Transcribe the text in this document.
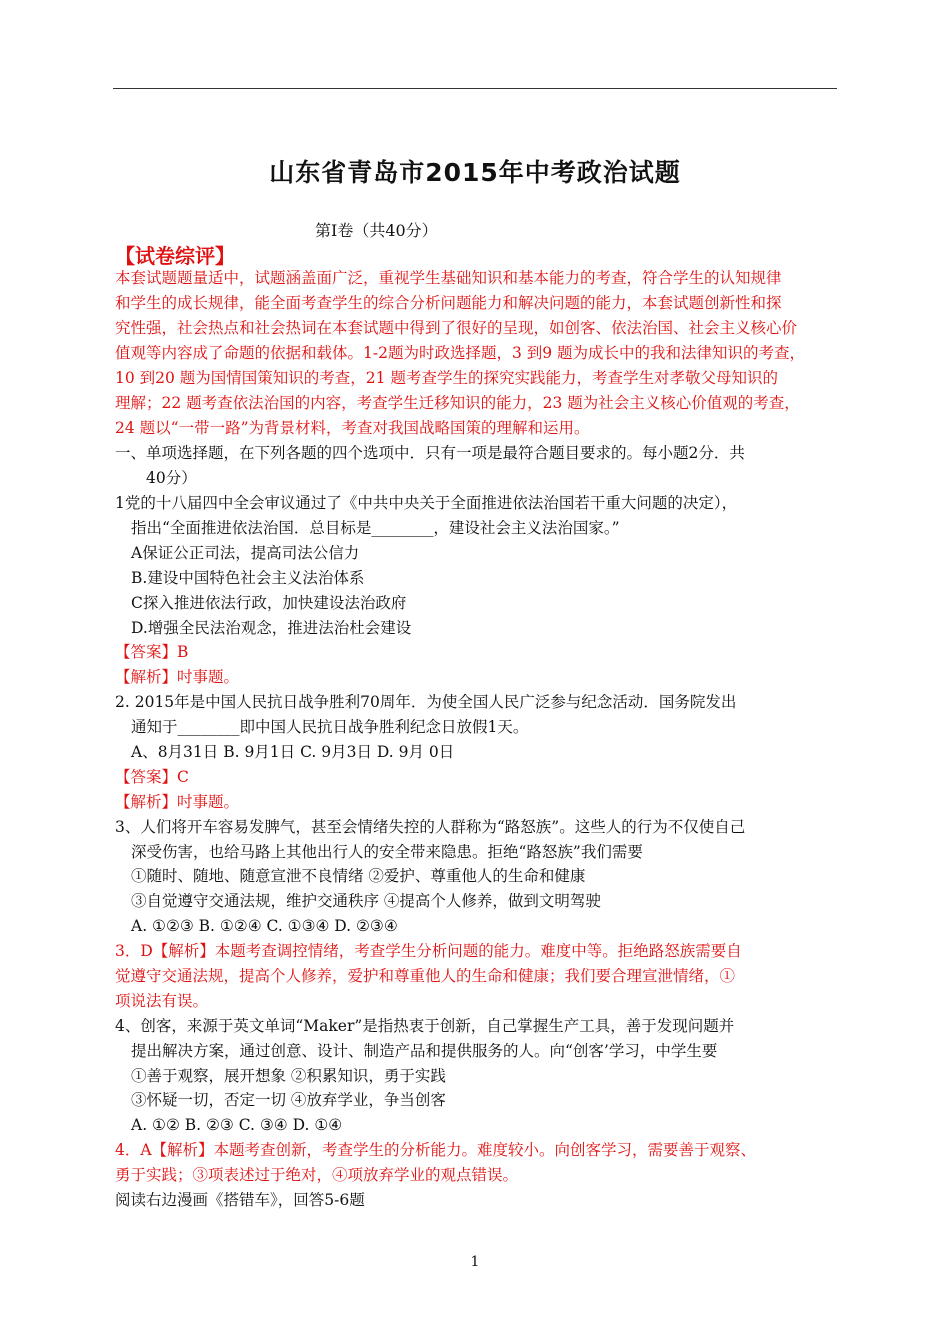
山东省青岛市2015年中考政治试题
第I卷（共40分）
【试卷综评】
本套试题题量适中，试题涵盖面广泛，重视学生基础知识和基本能力的考查，符合学生的认知规律
和学生的成长规律，能全面考查学生的综合分析问题能力和解决问题的能力，本套试题创新性和探
究性强，社会热点和社会热词在本套试题中得到了很好的呈现，如创客、依法治国、社会主义核心价
值观等内容成了命题的依据和载体。1-2题为时政选择题，3 到9 题为成长中的我和法律知识的考查，
10 到20 题为国情国策知识的考查，21 题考查学生的探究实践能力，考查学生对孝敬父母知识的
理解；22 题考查依法治国的内容，考查学生迁移知识的能力，23 题为社会主义核心价值观的考查，
24 题以“一带一路”为背景材料，考查对我国战略国策的理解和运用。
一、单项选择题，在下列各题的四个选项中．只有一项是最符合题目要求的。每小题2分．共
40分）
1党的十八届四中全会审议通过了《中共中央关于全面推进依法治国若干重大问题的决定），
指出“全面推进依法治国．总目标是________，建设社会主义法治国家。”
A保证公正司法，提高司法公信力
B.建设中国特色社会主义法治体系
C探入推进依法行政，加快建设法治政府
D.增强全民法治观念，推进法治杜会建设
【答案】B
【解析】吋事题。
2. 2015年是中国人民抗日战争胜利70周年．为使全国人民广泛参与纪念活动．国务院发出
通知于________即中国人民抗日战争胜利纪念日放假1天。
A、8月31日 B. 9月1日 C. 9月3日 D. 9月 0日
【答案】C
【解析】吋事题。
3、人们将开车容易发脾气，甚至会情绪失控的人群称为“路怒族”。这些人的行为不仅使自己
深受伤害，也给马路上其他出行人的安全带来隐患。拒绝“路怒族”我们需要
①随时、随地、随意宣泄不良情绪 ②爱护、尊重他人的生命和健康
③自觉遵守交通法规，维护交通秩序 ④提高个人修养，做到文明驾驶
A. ①②③ B. ①②④ C. ①③④ D. ②③④
3．D【解析】本题考查调控情绪，考查学生分析问题的能力。难度中等。拒绝路怒族需要自
觉遵守交通法规，提高个人修养，爱护和尊重他人的生命和健康；我们要合理宣泄情绪，①
项说法有误。
4、创客，来源于英文单词“Maker”是指热衷于创新，自己掌握生产工具，善于发现问题并
提出解决方案，通过创意、设计、制造产品和提供服务的人。向“创客’学习，中学生要
①善于观察，展开想象 ②积累知识，勇于实践
③怀疑一切，否定一切 ④放弃学业，争当创客
A. ①② B. ②③ C. ③④ D. ①④
4．A【解析】本题考查创新，考查学生的分析能力。难度较小。向创客学习，需要善于观察、
勇于实践；③项表述过于绝对，④项放弃学业的观点错误。
阅读右边漫画《搭错车》，回答5-6题
1
